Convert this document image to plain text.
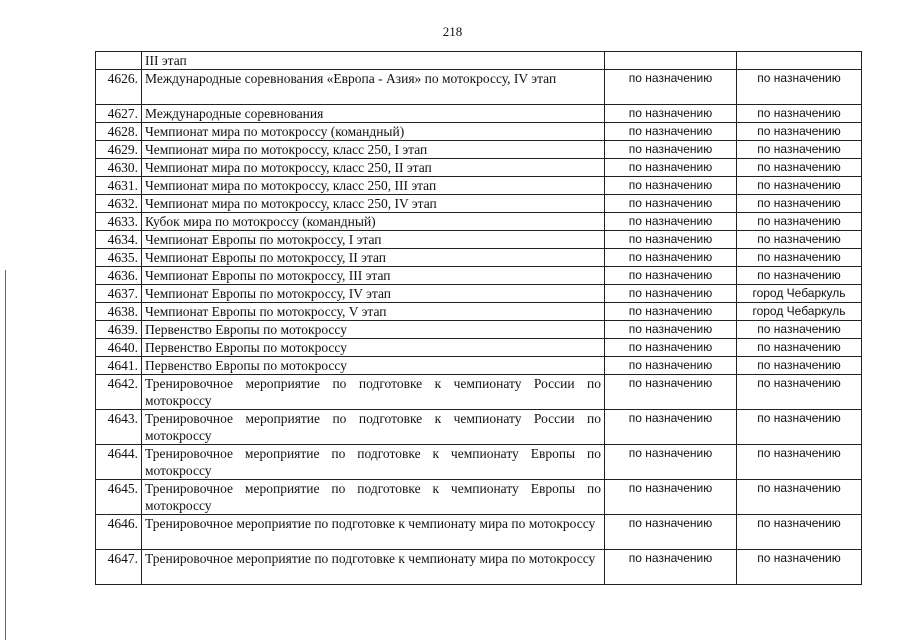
218
	III этап		
4626.	Международные соревнования «Европа - Азия» по мотокроссу, IV этап	по назначению	по назначению
4627.	Международные соревнования	по назначению	по назначению
4628.	Чемпионат мира по мотокроссу (командный)	по назначению	по назначению
4629.	Чемпионат мира по мотокроссу, класс 250, I этап	по назначению	по назначению
4630.	Чемпионат мира по мотокроссу, класс 250, II этап	по назначению	по назначению
4631.	Чемпионат мира по мотокроссу, класс 250, III этап	по назначению	по назначению
4632.	Чемпионат мира по мотокроссу, класс 250, IV этап	по назначению	по назначению
4633.	Кубок мира по мотокроссу (командный)	по назначению	по назначению
4634.	Чемпионат Европы по мотокроссу, I этап	по назначению	по назначению
4635.	Чемпионат Европы по мотокроссу, II этап	по назначению	по назначению
4636.	Чемпионат Европы по мотокроссу, III этап	по назначению	по назначению
4637.	Чемпионат Европы по мотокроссу, IV этап	по назначению	город Чебаркуль
4638.	Чемпионат Европы по мотокроссу, V этап	по назначению	город Чебаркуль
4639.	Первенство Европы по мотокроссу	по назначению	по назначению
4640.	Первенство Европы по мотокроссу	по назначению	по назначению
4641.	Первенство Европы по мотокроссу	по назначению	по назначению
4642.	Тренировочное мероприятие по подготовке к чемпионату России по мотокроссу	по назначению	по назначению
4643.	Тренировочное мероприятие по подготовке к чемпионату России по мотокроссу	по назначению	по назначению
4644.	Тренировочное мероприятие по подготовке к чемпионату Европы по мотокроссу	по назначению	по назначению
4645.	Тренировочное мероприятие по подготовке к чемпионату Европы по мотокроссу	по назначению	по назначению
4646.	Тренировочное мероприятие по подготовке к чемпионату мира по мотокроссу	по назначению	по назначению
4647.	Тренировочное мероприятие по подготовке к чемпионату мира по мотокроссу	по назначению	по назначению
